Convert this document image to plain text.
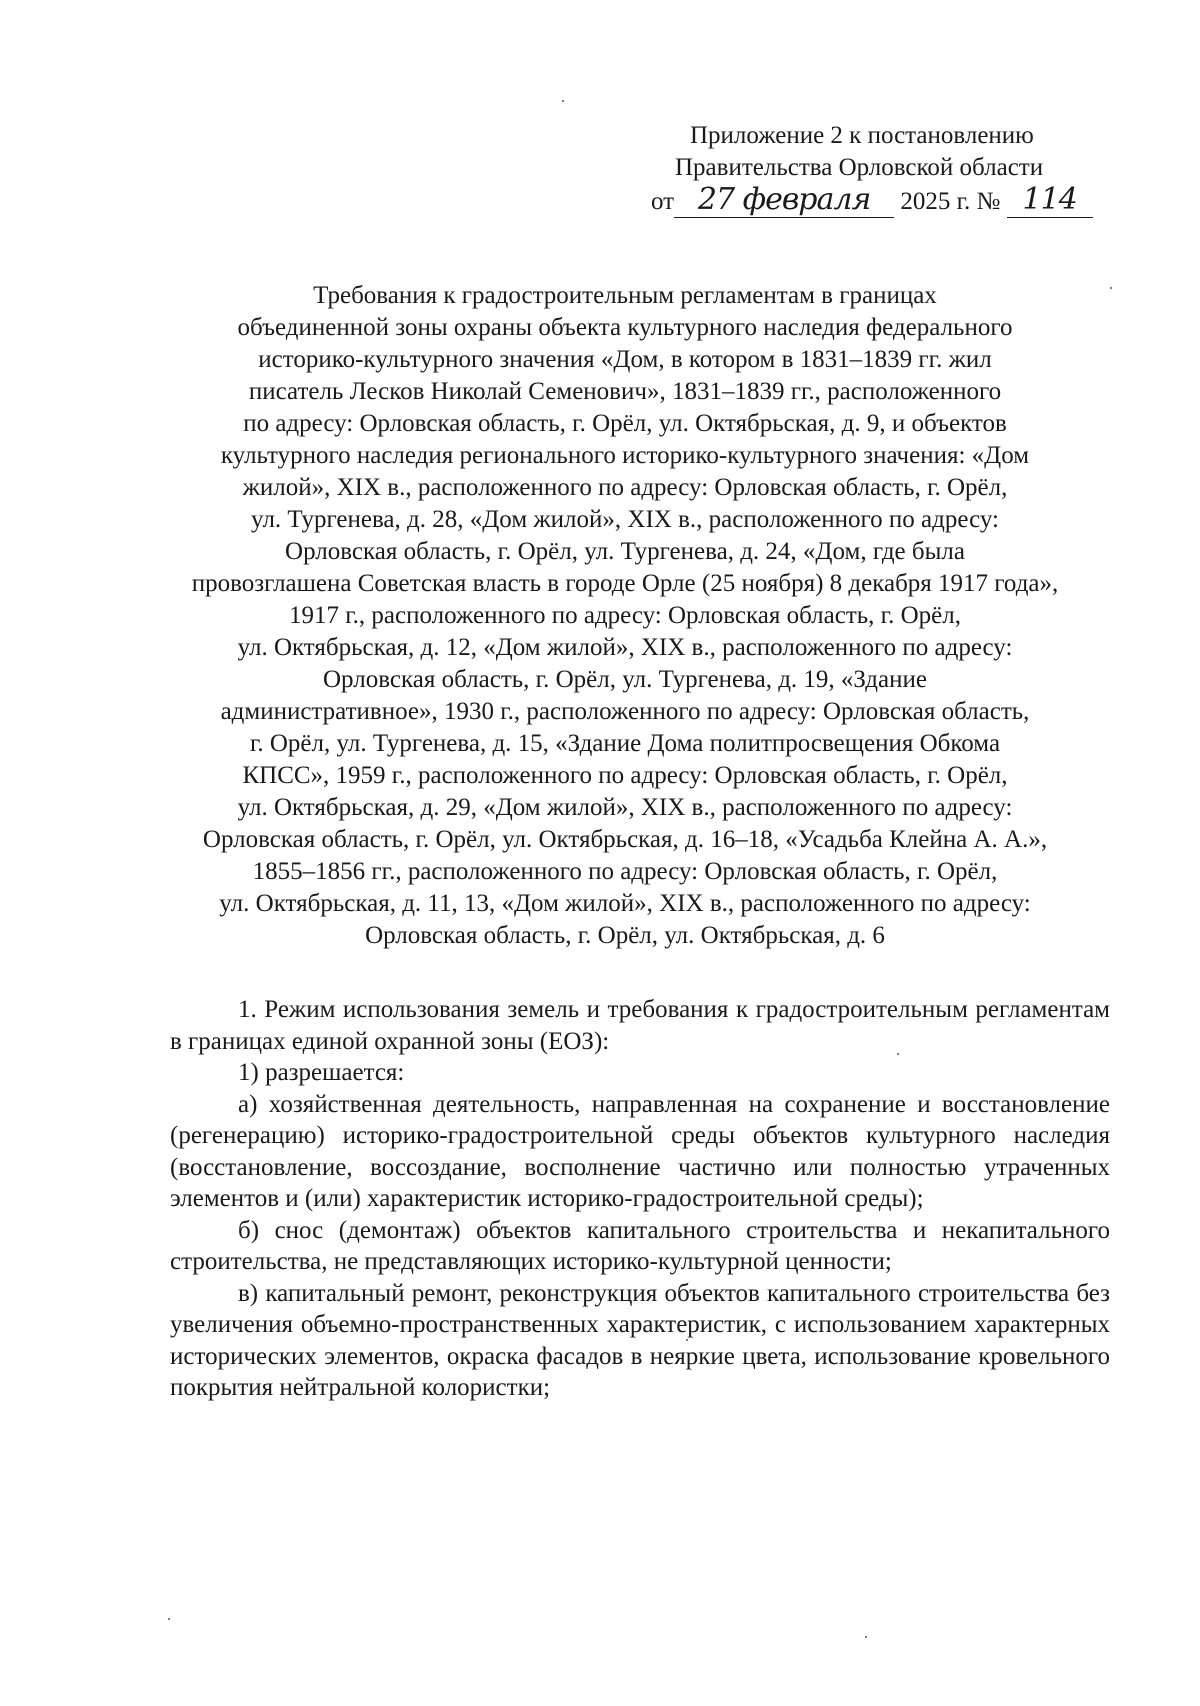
Приложение 2 к постановлению
Правительства Орловской области
от 27 февраля 2025 г. № 114
Требования к градостроительным регламентам в границах
объединенной зоны охраны объекта культурного наследия федерального
историко-культурного значения «Дом, в котором в 1831–1839 гг. жил
писатель Лесков Николай Семенович», 1831–1839 гг., расположенного
по адресу: Орловская область, г. Орёл, ул. Октябрьская, д. 9, и объектов
культурного наследия регионального историко-культурного значения: «Дом
жилой», XIX в., расположенного по адресу: Орловская область, г. Орёл,
ул. Тургенева, д. 28, «Дом жилой», XIX в., расположенного по адресу:
Орловская область, г. Орёл, ул. Тургенева, д. 24, «Дом, где была
провозглашена Советская власть в городе Орле (25 ноября) 8 декабря 1917 года»,
1917 г., расположенного по адресу: Орловская область, г. Орёл,
ул. Октябрьская, д. 12, «Дом жилой», XIX в., расположенного по адресу:
Орловская область, г. Орёл, ул. Тургенева, д. 19, «Здание
административное», 1930 г., расположенного по адресу: Орловская область,
г. Орёл, ул. Тургенева, д. 15, «Здание Дома политпросвещения Обкома
КПСС», 1959 г., расположенного по адресу: Орловская область, г. Орёл,
ул. Октябрьская, д. 29, «Дом жилой», XIX в., расположенного по адресу:
Орловская область, г. Орёл, ул. Октябрьская, д. 16–18, «Усадьба Клейна А. А.»,
1855–1856 гг., расположенного по адресу: Орловская область, г. Орёл,
ул. Октябрьская, д. 11, 13, «Дом жилой», XIX в., расположенного по адресу:
Орловская область, г. Орёл, ул. Октябрьская, д. 6

1. Режим использования земель и требования к градостроительным регламентам в границах единой охранной зоны (ЕОЗ):

1) разрешается:

а) хозяйственная деятельность, направленная на сохранение и восстановление (регенерацию) историко-градостроительной среды объектов культурного наследия (восстановление, воссоздание, восполнение частично или полностью утраченных элементов и (или) характеристик историко-градостроительной среды);

б) снос (демонтаж) объектов капитального строительства и некапитального строительства, не представляющих историко-культурной ценности;

в) капитальный ремонт, реконструкция объектов капитального строительства без увеличения объемно-пространственных характеристик, с использованием характерных исторических элементов, окраска фасадов в неяркие цвета, использование кровельного покрытия нейтральной колористки;
